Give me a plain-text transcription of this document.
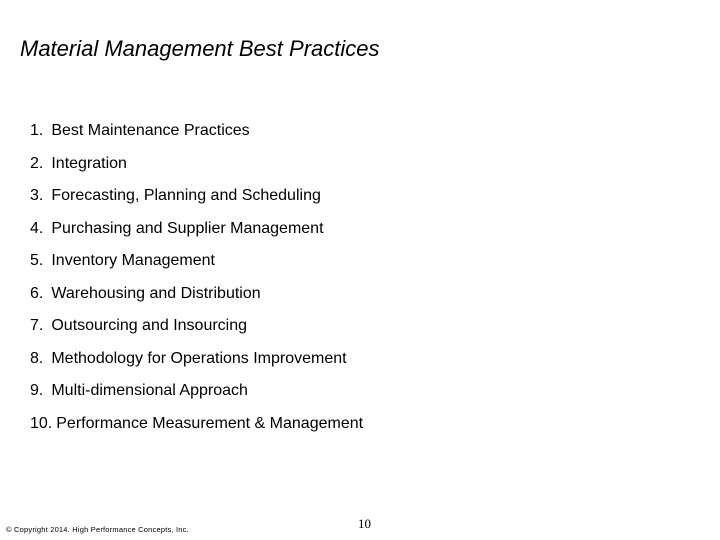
Material Management Best Practices
1. Best Maintenance Practices
2. Integration
3. Forecasting, Planning and Scheduling
4. Purchasing and Supplier Management
5. Inventory Management
6. Warehousing and Distribution
7. Outsourcing and Insourcing
8. Methodology for Operations Improvement
9. Multi-dimensional Approach
10. Performance Measurement & Management
© Copyright 2014. High Performance Concepts, Inc.	10
